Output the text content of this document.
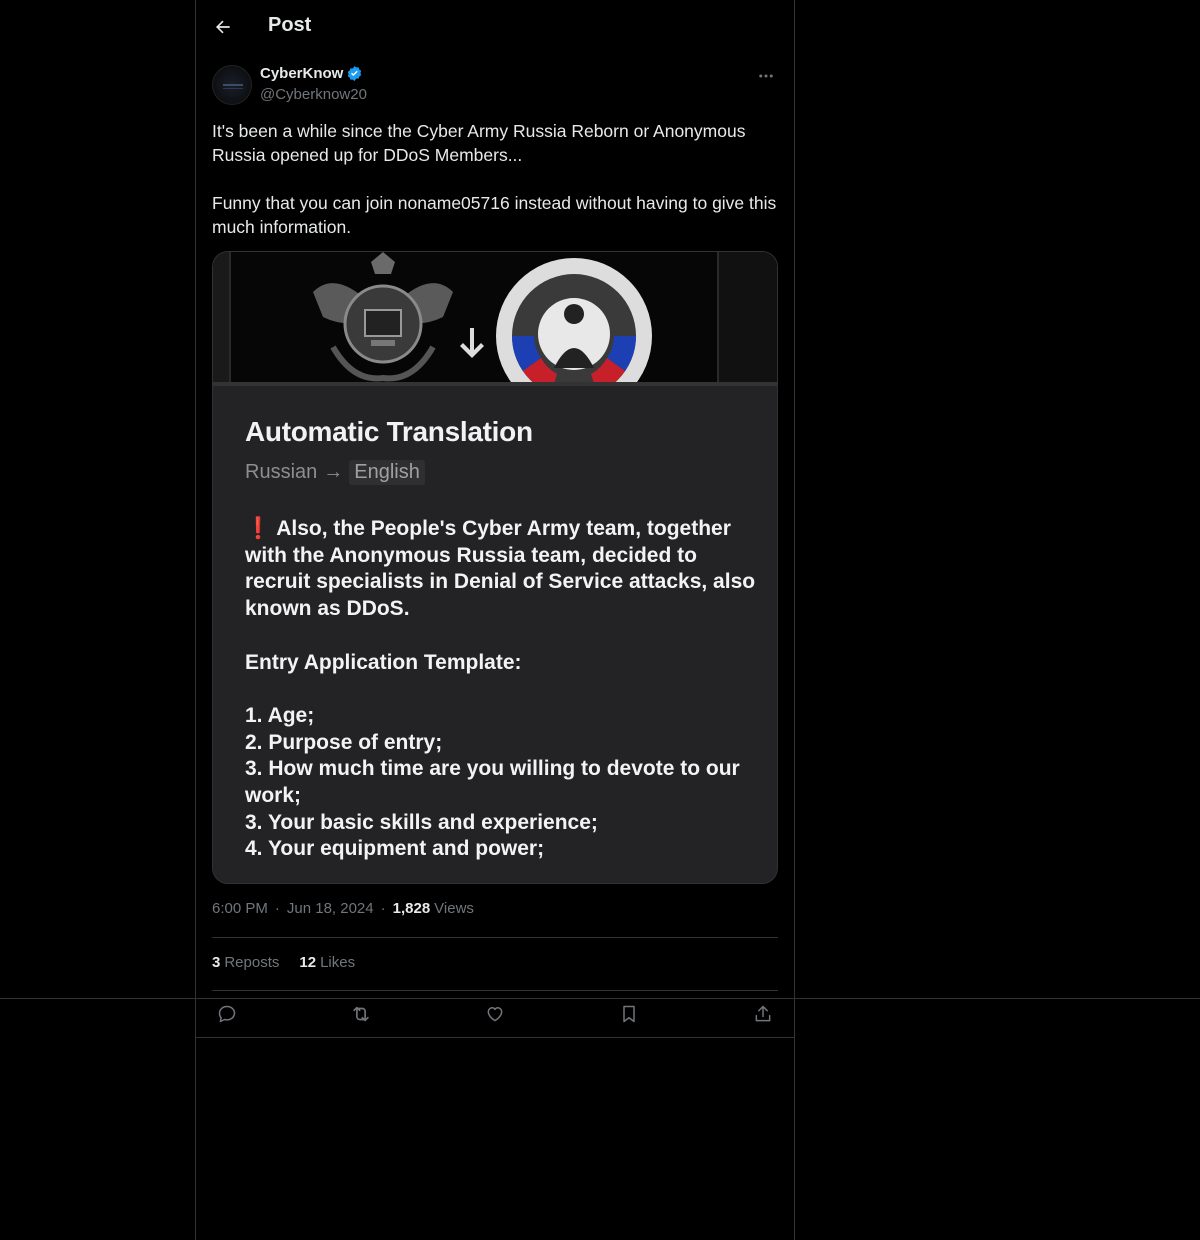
Post
CyberKnow
@Cyberknow20

It's been a while since the Cyber Army Russia Reborn or Anonymous Russia opened up for DDoS Members...

Funny that you can join noname05716 instead without having to give this much information.

Automatic Translation
Russian → English
❗ Also, the People's Cyber Army team, together with the Anonymous Russia team, decided to recruit specialists in Denial of Service attacks, also known as DDoS.
Entry Application Template:
1. Age;
2. Purpose of entry;
3. How much time are you willing to devote to our work;
3. Your basic skills and experience;
4. Your equipment and power;
6:00 PM · Jun 18, 2024 · 1,828 Views
3 Reposts 12 Likes
